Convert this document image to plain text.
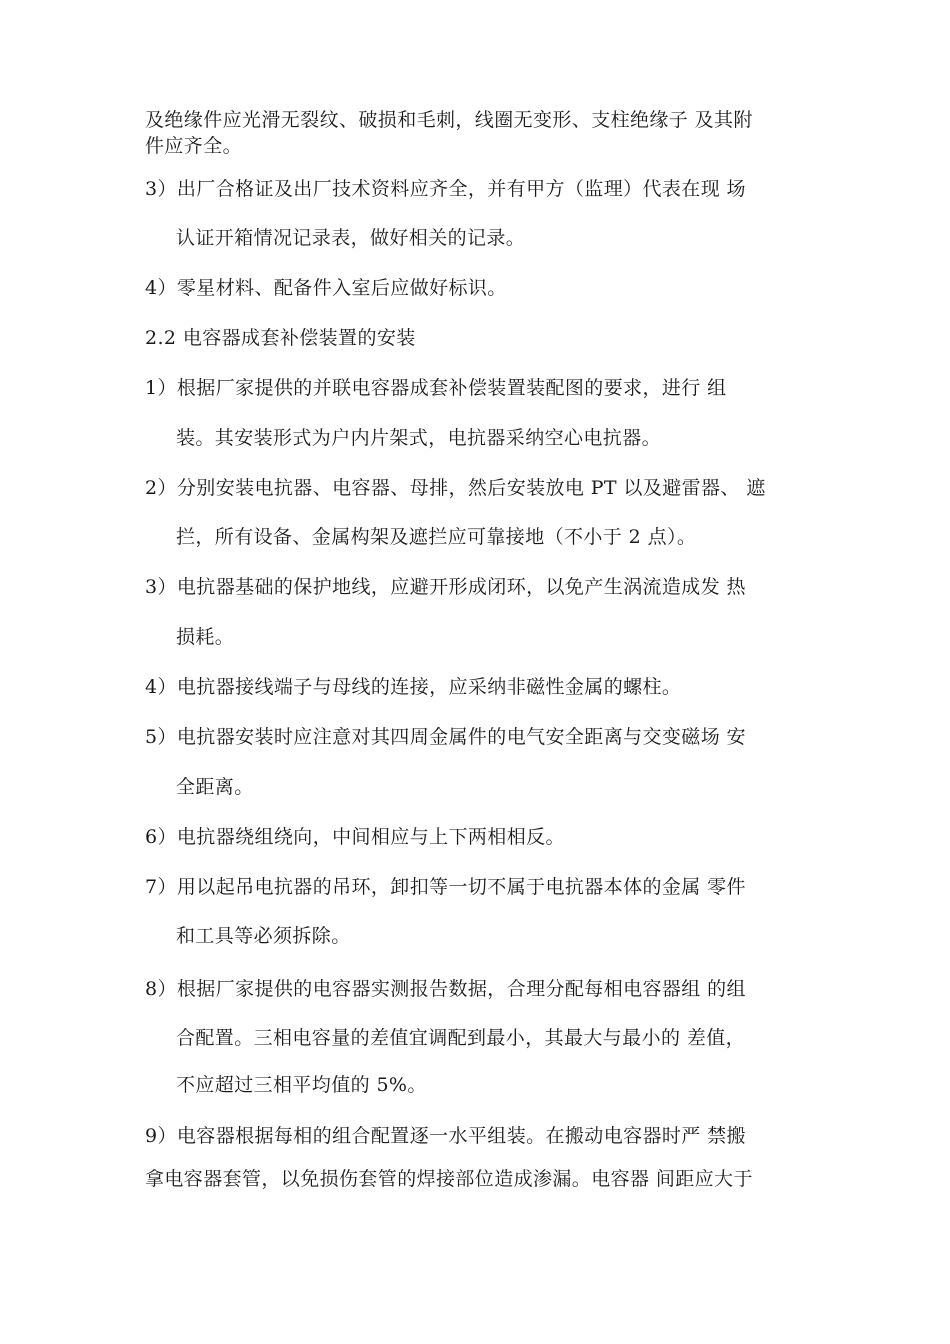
及绝缘件应光滑无裂纹、破损和毛刺，线圈无变形、支柱绝缘子 及其附
件应齐全。
3）出厂合格证及出厂技术资料应齐全，并有甲方（监理）代表在现 场
认证开箱情况记录表，做好相关的记录。
4）零星材料、配备件入室后应做好标识。
2.2 电容器成套补偿装置的安装
1）根据厂家提供的并联电容器成套补偿装置装配图的要求，进行 组
装。其安装形式为户内片架式，电抗器采纳空心电抗器。
2）分别安装电抗器、电容器、母排，然后安装放电 PT 以及避雷器、 遮
拦，所有设备、金属构架及遮拦应可靠接地（不小于 2 点）。
3）电抗器基础的保护地线，应避开形成闭环，以免产生涡流造成发 热
损耗。
4）电抗器接线端子与母线的连接，应采纳非磁性金属的螺柱。
5）电抗器安装时应注意对其四周金属件的电气安全距离与交变磁场 安
全距离。
6）电抗器绕组绕向，中间相应与上下两相相反。
7）用以起吊电抗器的吊环，卸扣等一切不属于电抗器本体的金属 零件
和工具等必须拆除。
8）根据厂家提供的电容器实测报告数据，合理分配每相电容器组 的组
合配置。三相电容量的差值宜调配到最小，其最大与最小的 差值，
不应超过三相平均值的 5%。
9）电容器根据每相的组合配置逐一水平组装。在搬动电容器时严 禁搬
拿电容器套管，以免损伤套管的焊接部位造成渗漏。电容器 间距应大于
